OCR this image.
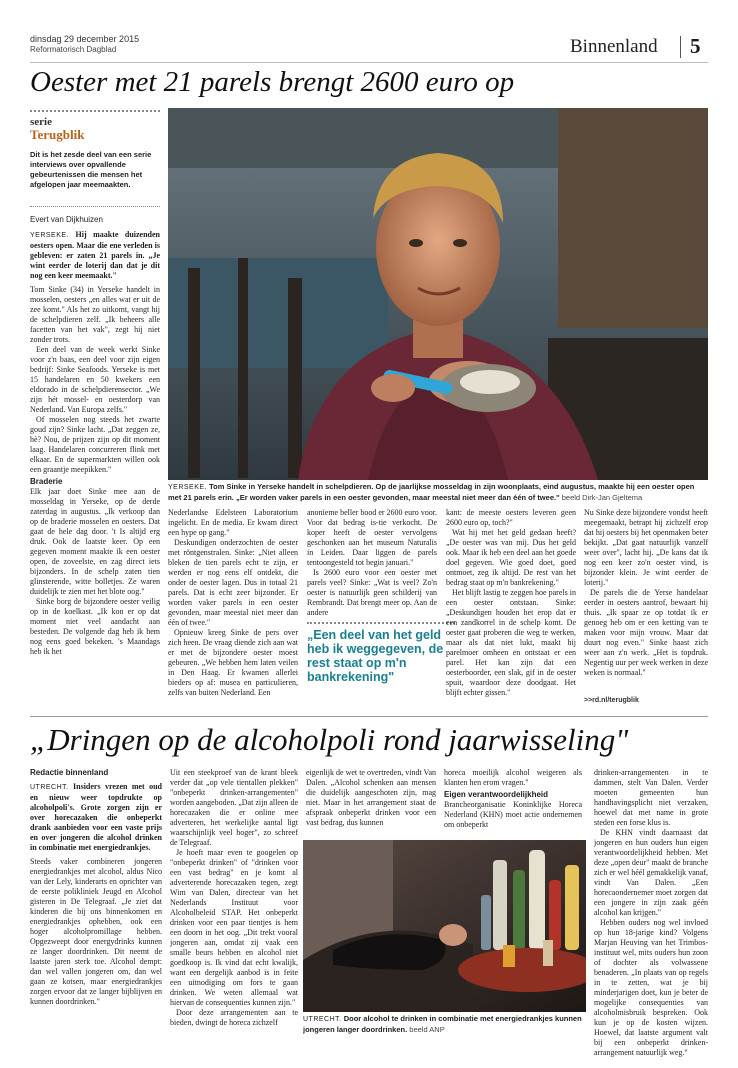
dinsdag 29 december 2015
Reformatorisch Dagblad	Binnenland 5
Oester met 21 parels brengt 2600 euro op
serie
Terugblik
Dit is het zesde deel van een serie interviews over opvallende gebeurtenissen die mensen het afgelopen jaar meemaakten.
Evert van Dijkhuizen
YERSEKE. Tom Sinke in Yerseke handelt in schelpdieren. Op de jaarlijkse mosseldag in zijn woonplaats, eind augustus, maakte hij een oester open met 21 parels erin. „Er worden vaker parels in een oester gevonden, maar meestal niet meer dan één of twee." beeld Dirk-Jan Gjeltema

YERSEKE. Hij maakte duizenden oesters open. Maar die ene verleden is gebleven: er zaten 21 parels in. „Je wint eerder de loterij dan dat je dit nog een keer meemaakt."

Tom Sinke (34) in Yerseke handelt in mosselen, oesters „en alles wat er uit de zee komt." Als het zo uitkomt, vangt hij de schelpdieren zelf. „Ik beheers alle facetten van het vak", zegt hij niet zonder trots.

Een deel van de week werkt Sinke voor z'n baas, een deel voor zijn eigen bedrijf: Sinke Seafoods. Yerseke is met 15 handelaren en 50 kwekers een eldorado in de schelpdierensector. „We zijn hét mossel- en oesterdorp van Nederland. Van Europa zelfs."

Of mosselen nog steeds het zwarte goud zijn? Sinke lacht. „Dat zeggen ze, hè? Nou, de prijzen zijn op dit moment laag. Handelaren concurreren flink met elkaar. En de supermarkten willen ook een graantje meepikken."

Braderie

Elk jaar doet Sinke mee aan de mosseldag in Yerseke, op de derde zaterdag in augustus. „Ik verkoop dan op de braderie mosselen en oesters. Dat gaat de hele dag door. 't Is altijd erg druk. Ook de laatste keer. Op een gegeven moment maakte ik een oester open, de zoveelste, en zag direct iets bijzonders. In de schelp zaten tien glinsterende, witte bolletjes. Ze waren duidelijk te zien met het blote oog."

Sinke borg de bijzondere oester veilig op in de koelkast. „Ik kon er op dat moment niet veel aandacht aan besteden. De volgende dag heb ik hem nog eens goed bekeken. 's Maandags heb ik het

Nederlandse Edelsteen Laboratorium ingelicht. En de media. Er kwam direct een hype op gang."

Deskundigen onderzochten de oester met röntgenstralen. Sinke: „Niet alleen bleken de tien parels echt te zijn, er werden er nog eens elf ontdekt, die onder de oester lagen. Dus in totaal 21 parels. Dat is echt zeer bijzonder. Er worden vaker parels in een oester gevonden, maar meestal niet meer dan één of twee."

Opnieuw kreeg Sinke de pers over zich heen. De vraag diende zich aan wat er met de bijzondere oester moest gebeuren. „We hebben hem laten veilen in Den Haag. Er kwamen allerlei bieders op af: musea en particulieren, zelfs van buiten Nederland. Een

anonieme beller bood er 2600 euro voor. Voor dat bedrag is-tie verkocht. De koper heeft de oester vervolgens geschonken aan het museum Naturalis in Leiden. Daar liggen de parels tentoongesteld tot begin januari."

Is 2600 euro voor een oester met parels veel? Sinke: „Wat is veel? Zo'n oester is natuurlijk geen schilderij van Rembrandt. Dat brengt meer op. Aan de andere

„Een deel van het geld heb ik weggegeven, de rest staat op m'n bankrekening"

kant: de meeste oesters leveren geen 2600 euro op, toch?"

Wat hij met het geld gedaan heeft? „De oester was van mij. Dus het geld ook. Maar ik heb een deel aan het goede doel gegeven. Wie goed doet, goed ontmoet, zeg ik altijd. De rest van het bedrag staat op m'n bankrekening."

Het blijft lastig te zeggen hoe parels in een oester ontstaan. Sinke: „Deskundigen houden het erop dat er een zandkorrel in de schelp komt. De oester gaat proberen die weg te werken, maar als dat niet lukt, maakt hij parelmoer omheen en ontstaat er een parel. Het kan zijn dat een oesterboorder, een slak, gif in de oester spuit, waardoor deze doodgaat. Het blijft echter gissen."

Nu Sinke deze bijzondere vondst heeft meegemaakt, betrapt hij zichzelf erop dat hij oesters bij het openmaken beter bekijkt. „Dat gaat natuurlijk vanzelf weer over", lacht hij. „De kans dat ik nog een keer zo'n oester vind, is bijzonder klein. Je wint eerder de loterij."

De parels die de Yerse handelaar eerder in oesters aantrof, bewaart hij thuis. „Ik spaar ze op totdat ik er genoeg heb om er een ketting van te maken voor mijn vrouw. Maar dat duurt nog even." Sinke haast zich weer aan z'n werk. „Het is topdruk. Negentig uur per week werken in deze weken is normaal."

>>rd.nl/terugblik
„Dringen op de alcoholpoli rond jaarwisseling"
Redactie binnenland

UTRECHT. Insiders vrezen met oud en nieuw weer topdrukte op alcoholpoli's. Grote zorgen zijn er over horecazaken die onbeperkt drank aanbieden voor een vaste prijs en over jongeren die alcohol drinken in combinatie met energiedrankjes.

Steeds vaker combineren jongeren energiedrankjes met alcohol, aldus Nico van der Lely, kinderarts en oprichter van de eerste polikliniek Jeugd en Alcohol gisteren in De Telegraaf. „Je ziet dat kinderen die bij ons binnenkomen en energiedrankjes ophebben, ook een hoger alcoholpromillage hebben. Opgezweept door energydrinks kunnen ze langer doordrinken. Dit neemt de laatste jaren sterk toe. Alcohol dempt: dan wel vallen jongeren om, dan wel gaan ze kotsen, maar energiedrankjes zorgen ervoor dat ze langer bijblijven en kunnen doordrinken."

Uit een steekproef van de krant bleek verder dat „op vele tientallen plekken" "onbeperkt drinken-arrangementen" worden aangeboden. „Dat zijn alleen de horecazaken die er online mee adverteren, het werkelijke aantal ligt waarschijnlijk veel hoger", zo schreef de Telegraaf.

Je hoeft maar even te googelen op "onbeperkt drinken" of "drinken voor een vast bedrag" en je komt al adverterende horecazaken tegen, zegt Wim van Dalen, directeur van het Nederlands Instituut voor Alcoholbeleid STAP. Het onbeperkt drinken voor een paar tientjes is hem een doorn in het oog. „Dit trekt vooral jongeren aan, omdat zij vaak een smalle beurs hebben en alcohol niet goedkoop is. Ik vind dat echt kwalijk, want een dergelijk aanbod is in feite een uitnodiging om fors te gaan drinken. We weten allemaal wat hiervan de consequenties kunnen zijn."

Door deze arrangementen aan te bieden, dwingt de horeca zichzelf

eigenlijk de wet te overtreden, vindt Van Dalen. „Alcohol schenken aan mensen die duidelijk aangeschoten zijn, mag niet. Maar in het arrangement staat de afspraak onbeperkt drinken voor een vast bedrag, dus kunnen

horeca moeilijk alcohol weigeren als klanten hen erom vragen."

Eigen verantwoordelijkheid

Brancheorganisatie Koninklijke Horeca Nederland (KHN) moet actie ondernemen om onbeperkt

drinken-arrangementen in te dammen, stelt Van Dalen. Verder moeten gemeenten hun handhavingsplicht niet verzaken, hoewel dat met name in grote steden een forse klus is.

De KHN vindt daarnaast dat jongeren en hun ouders hun eigen verantwoordelijkheid hebben. Met deze „open deur" maakt de branche zich er wel héél gemakkelijk vanaf, vindt Van Dalen. „Een horecaondernemer moet zorgen dat een jongere in zijn zaak géén alcohol kan krijgen."

Hebben ouders nog wel invloed op hun 18-jarige kind? Volgens Marjan Heuving van het Trimbos-instituut wel, mits ouders hun zoon of dochter als volwassene benaderen. „In plaats van op regels in te zetten, wat je bij minderjarigen doet, kun je beter de mogelijke consequenties van alcoholmisbruik bespreken. Ook kun je op de kosten wijzen. Hoewel, dat laatste argument valt bij een onbeperkt drinken-arrangement natuurlijk weg."

UTRECHT. Door alcohol te drinken in combinatie met energiedrankjes kunnen jongeren langer doordrinken. beeld ANP
